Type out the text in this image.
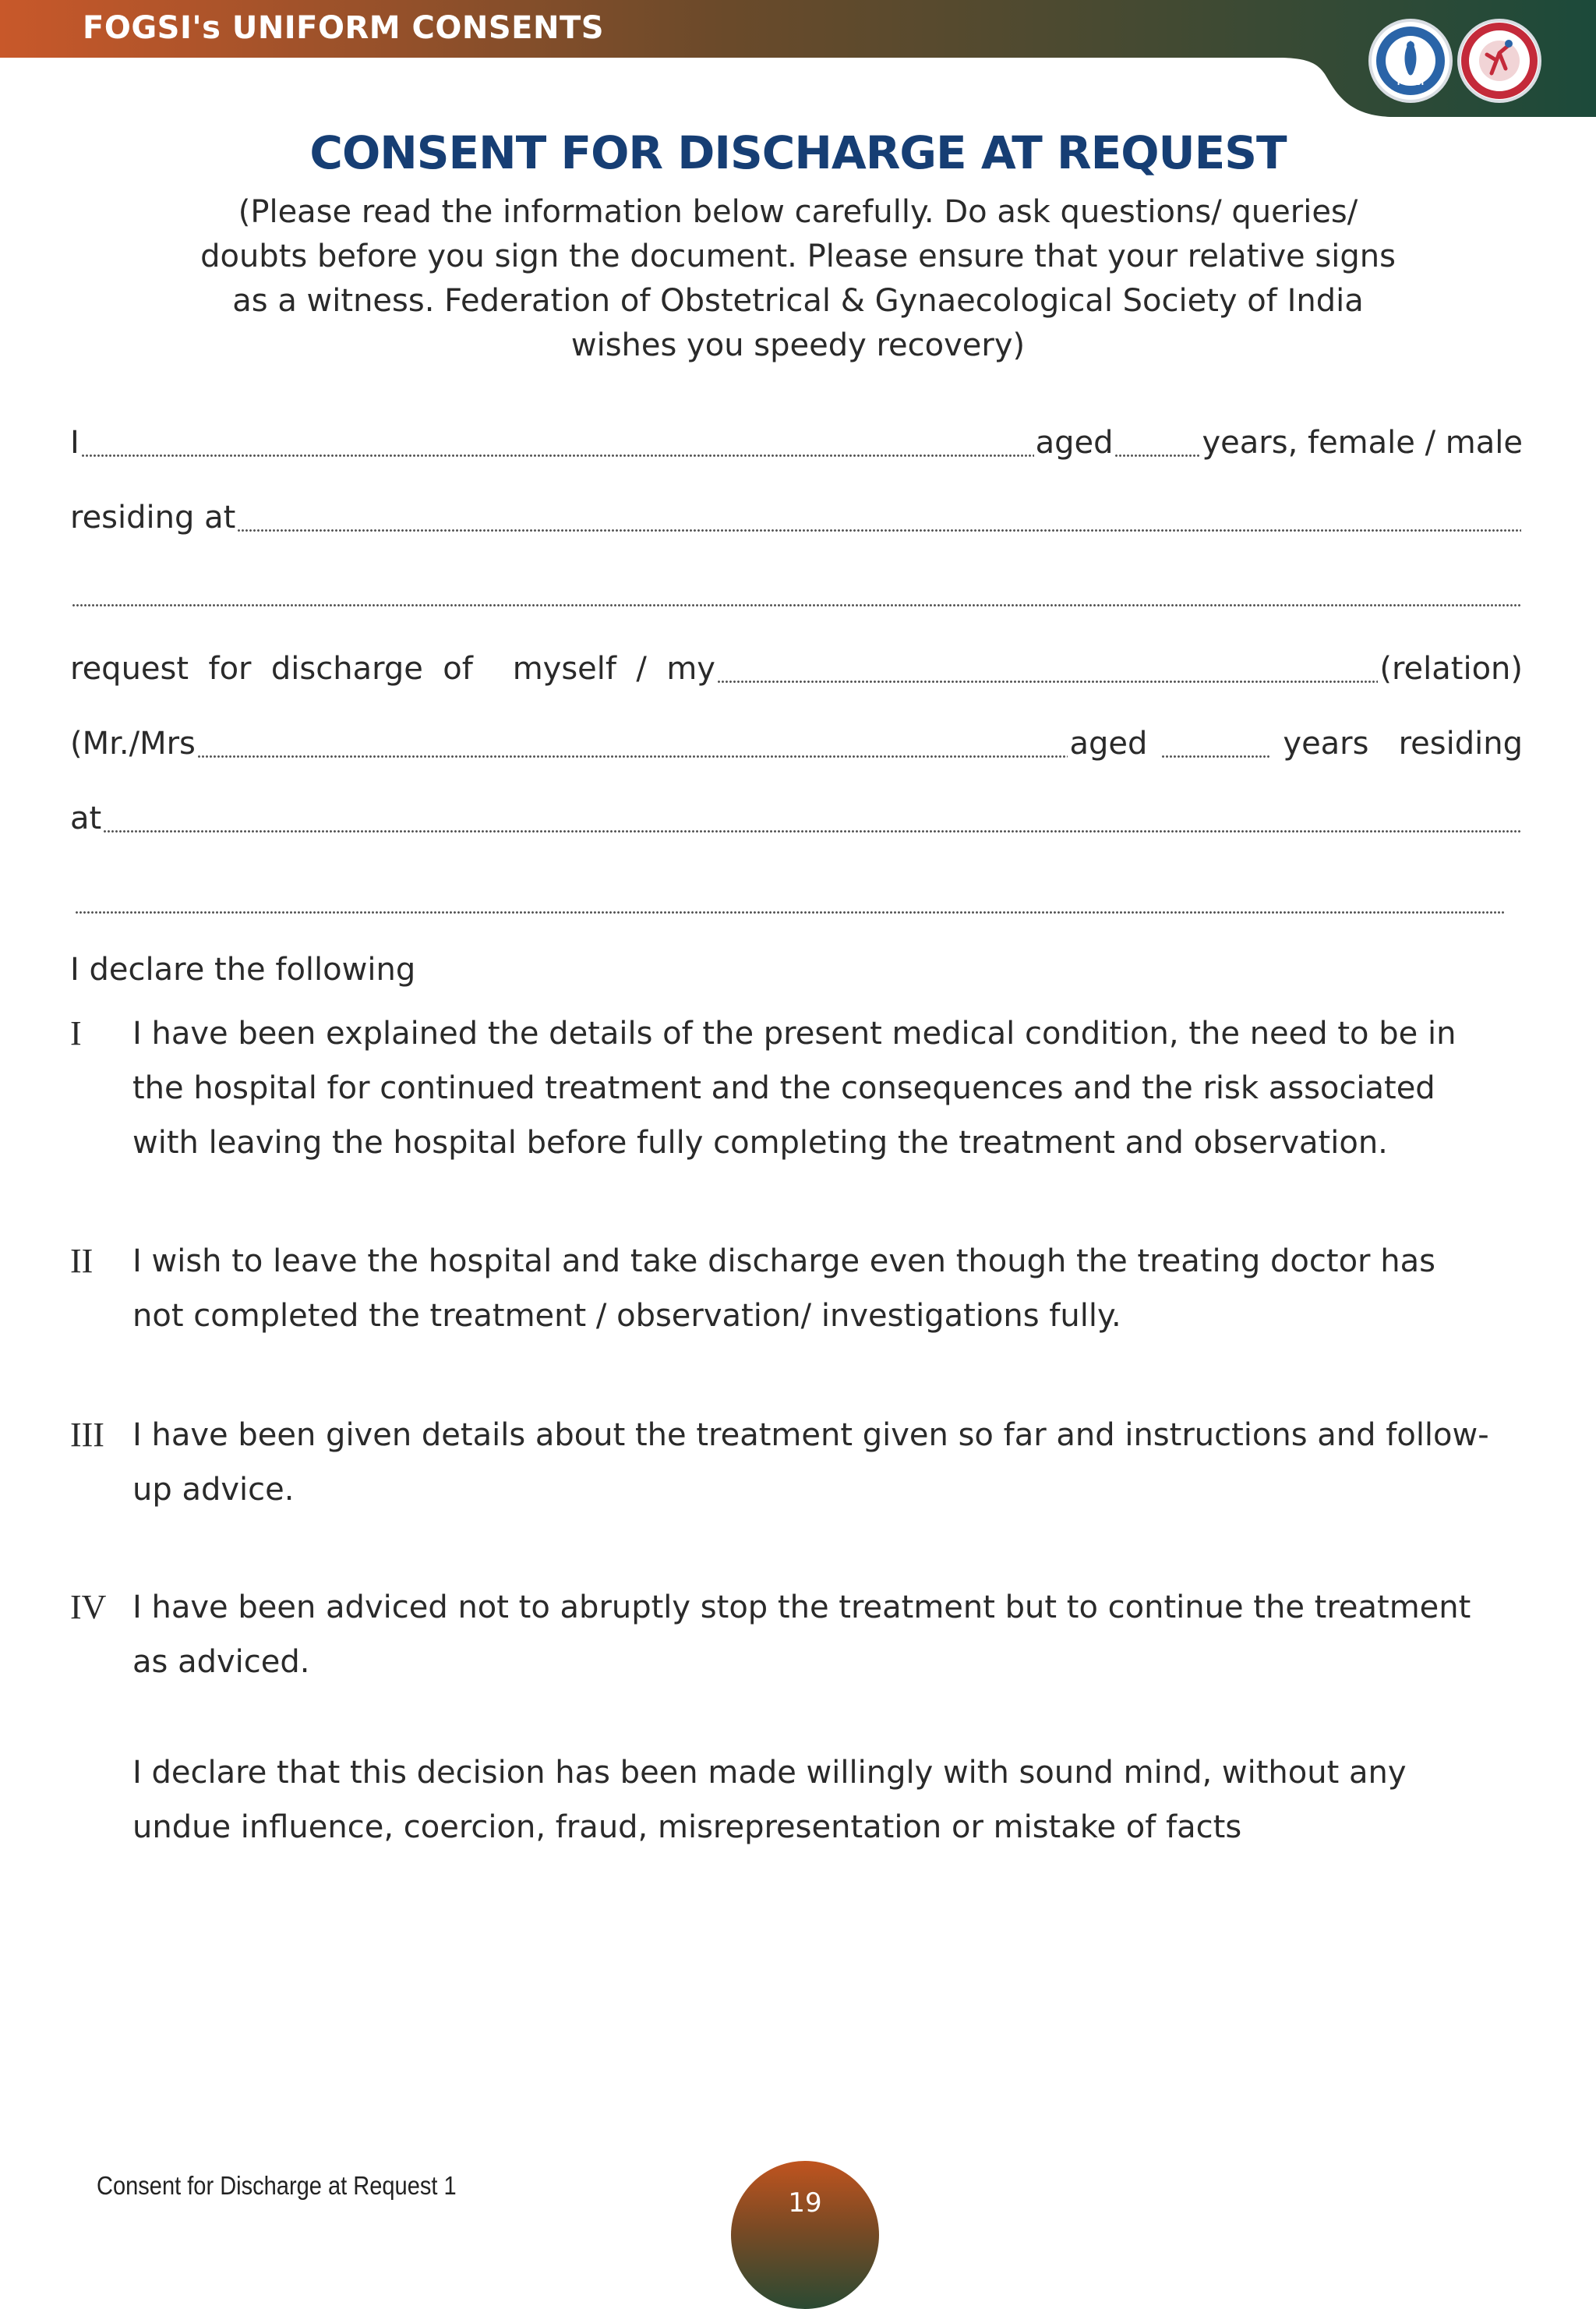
FOGSI's UNIFORM CONSENTS
FOGSI
CONSENT FOR DISCHARGE AT REQUEST

(Please read the information below carefully. Do ask questions/ queries/
doubts before you sign the document. Please ensure that your relative signs
as a witness. Federation of Obstetrical & Gynaecological Society of India
wishes you speedy recovery)

I	aged	years, female / male
residing at
request  for  discharge  of    myself  /  my	(relation)
(Mr./Mrs	aged	years   residing
at

I declare the following

I I have been explained the details of the present medical condition, the need to be in
the hospital for continued treatment and the consequences and the risk associated
with leaving the hospital before fully completing the treatment and observation.

II I wish to leave the hospital and take discharge even though the treating doctor has
not completed the treatment / observation/ investigations fully.

III I have been given details about the treatment given so far and instructions and follow-
up advice.

IV I have been adviced not to abruptly stop the treatment but to continue the treatment
as adviced.

I declare that this decision has been made willingly with sound mind, without any
undue influence, coercion, fraud, misrepresentation or mistake of facts

Consent for Discharge at Request 1

19
